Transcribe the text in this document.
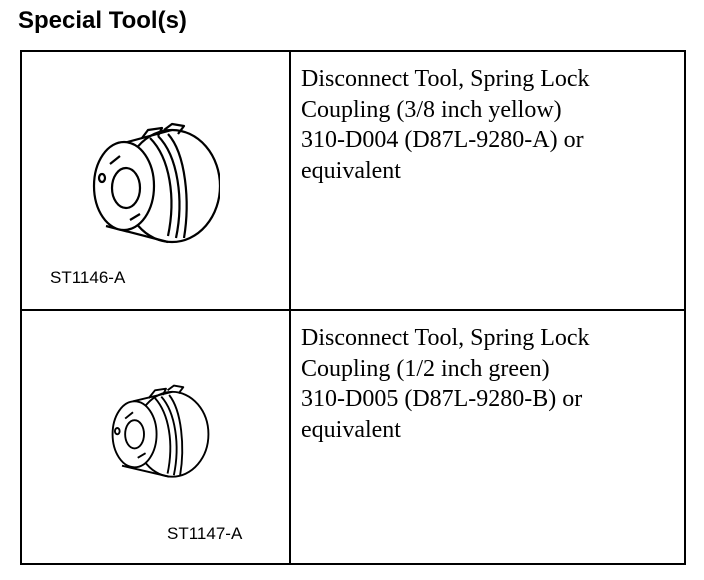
Special Tool(s)
ST1146-A
Disconnect Tool, Spring Lock
Coupling (3/8 inch yellow)
310-D004 (D87L-9280-A) or
equivalent
ST1147-A
Disconnect Tool, Spring Lock
Coupling (1/2 inch green)
310-D005 (D87L-9280-B) or
equivalent
